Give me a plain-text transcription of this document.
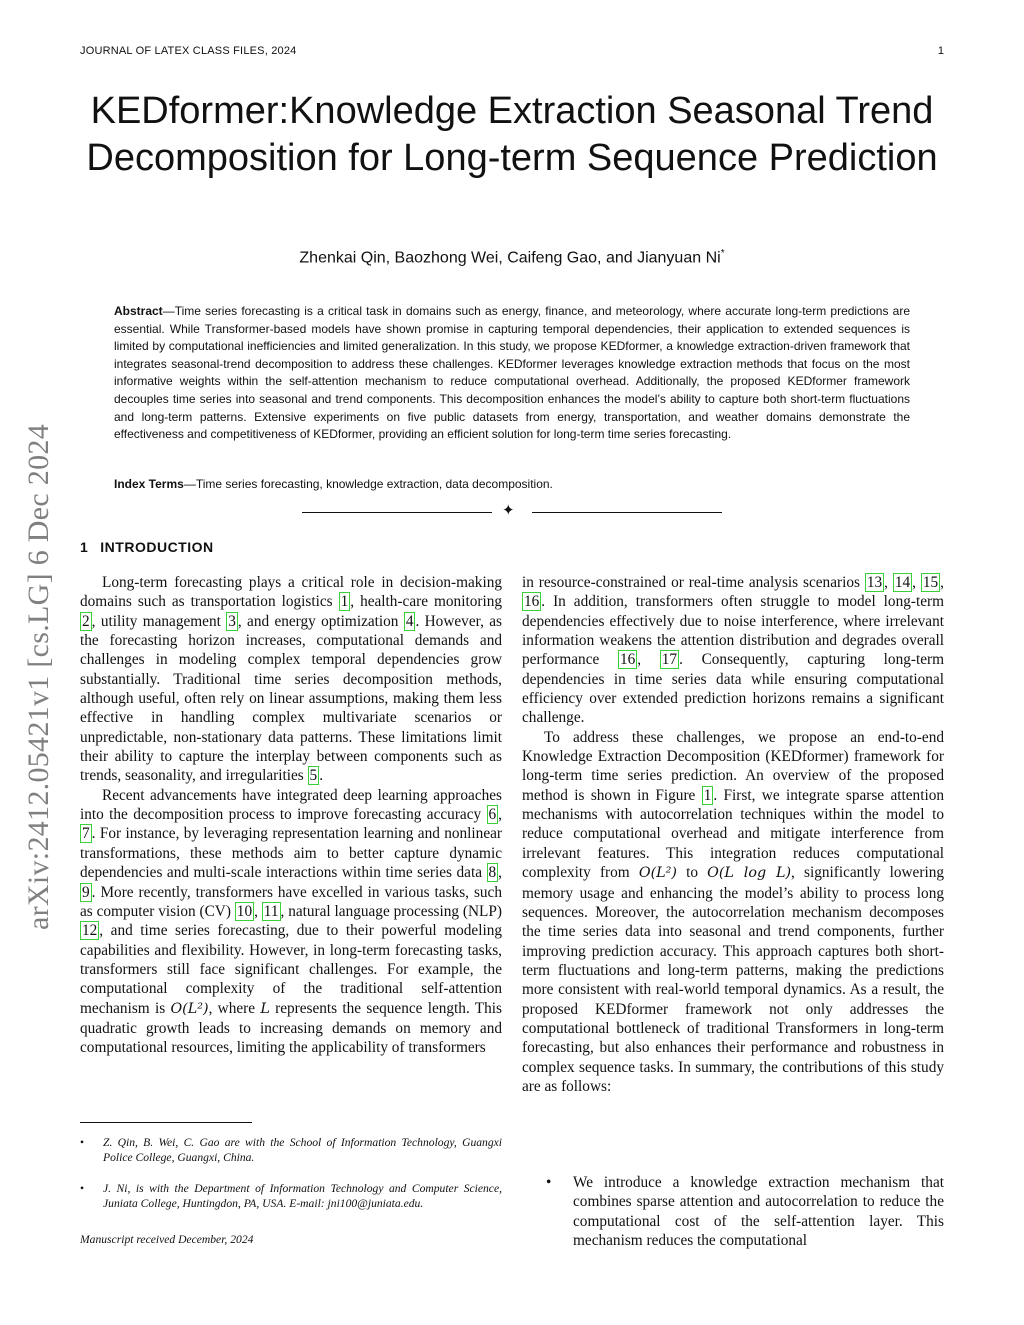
JOURNAL OF LATEX CLASS FILES, 2024	1
arXiv:2412.05421v1 [cs.LG] 6 Dec 2024
KEDformer:Knowledge Extraction Seasonal Trend Decomposition for Long-term Sequence Prediction
Zhenkai Qin, Baozhong Wei, Caifeng Gao, and Jianyuan Ni*
Abstract—Time series forecasting is a critical task in domains such as energy, finance, and meteorology, where accurate long-term predictions are essential. While Transformer-based models have shown promise in capturing temporal dependencies, their application to extended sequences is limited by computational inefficiencies and limited generalization. In this study, we propose KEDformer, a knowledge extraction-driven framework that integrates seasonal-trend decomposition to address these challenges. KEDformer leverages knowledge extraction methods that focus on the most informative weights within the self-attention mechanism to reduce computational overhead. Additionally, the proposed KEDformer framework decouples time series into seasonal and trend components. This decomposition enhances the model’s ability to capture both short-term fluctuations and long-term patterns. Extensive experiments on five public datasets from energy, transportation, and weather domains demonstrate the effectiveness and competitiveness of KEDformer, providing an efficient solution for long-term time series forecasting.
Index Terms—Time series forecasting, knowledge extraction, data decomposition.
✦
1 INTRODUCTION

Long-term forecasting plays a critical role in decision-making domains such as transportation logistics 1 , health-care monitoring 2 , utility management 3 , and energy optimization 4 . However, as the forecasting horizon increases, computational demands and challenges in modeling complex temporal dependencies grow substantially. Traditional time series decomposition methods, although useful, often rely on linear assumptions, making them less effective in handling complex multivariate scenarios or unpredictable, non-stationary data patterns. These limitations limit their ability to capture the interplay between components such as trends, seasonality, and irregularities 5 .

Recent advancements have integrated deep learning approaches into the decomposition process to improve forecasting accuracy 6 , 7 . For instance, by leveraging representation learning and nonlinear transformations, these methods aim to better capture dynamic dependencies and multi-scale interactions within time series data 8 , 9 . More recently, transformers have excelled in various tasks, such as computer vision (CV) 10 , 11 , natural language processing (NLP) 12 , and time series forecasting, due to their powerful modeling capabilities and flexibility. However, in long-term forecasting tasks, transformers still face significant challenges. For example, the computational complexity of the traditional self-attention mechanism is O(L²), where L represents the sequence length. This quadratic growth leads to increasing demands on memory and computational resources, limiting the applicability of transformers

• Z. Qin, B. Wei, C. Gao are with the School of Information Technology, Guangxi Police College, Guangxi, China.
• J. Ni, is with the Department of Information Technology and Computer Science, Juniata College, Huntingdon, PA, USA. E-mail: jni100@juniata.edu.
Manuscript received December, 2024

in resource-constrained or real-time analysis scenarios 13 , 14 , 15 , 16 . In addition, transformers often struggle to model long-term dependencies effectively due to noise interference, where irrelevant information weakens the attention distribution and degrades overall performance 16 , 17 . Consequently, capturing long-term dependencies in time series data while ensuring computational efficiency over extended prediction horizons remains a significant challenge.

To address these challenges, we propose an end-to-end Knowledge Extraction Decomposition (KEDformer) framework for long-term time series prediction. An overview of the proposed method is shown in Figure 1 . First, we integrate sparse attention mechanisms with autocorrelation techniques within the model to reduce computational overhead and mitigate interference from irrelevant features. This integration reduces computational complexity from O(L²) to O(L log L), significantly lowering memory usage and enhancing the model’s ability to process long sequences. Moreover, the autocorrelation mechanism decomposes the time series data into seasonal and trend components, further improving prediction accuracy. This approach captures both short-term fluctuations and long-term patterns, making the predictions more consistent with real-world temporal dynamics. As a result, the proposed KEDformer framework not only addresses the computational bottleneck of traditional Transformers in long-term forecasting, but also enhances their performance and robustness in complex sequence tasks. In summary, the contributions of this study are as follows:

• We introduce a knowledge extraction mechanism that combines sparse attention and autocorrelation to reduce the computational cost of the self-attention layer. This mechanism reduces the computational
